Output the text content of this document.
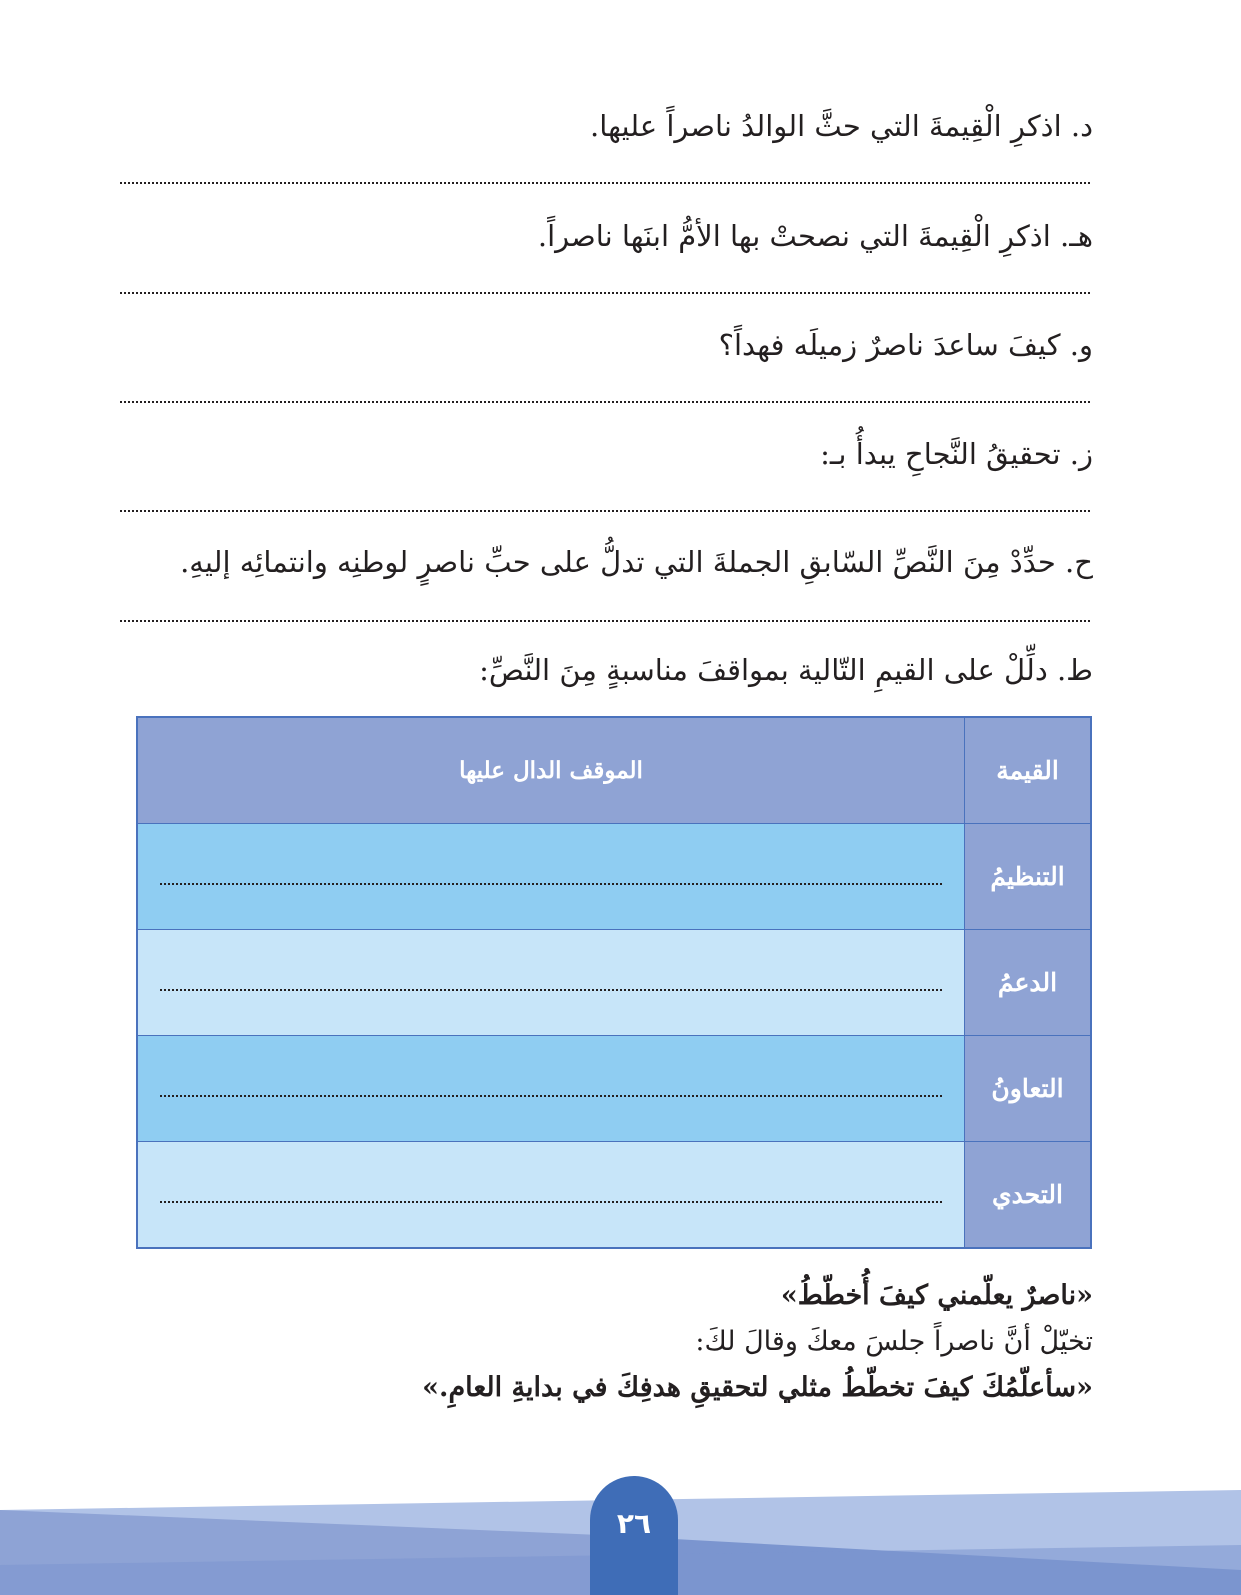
د. اذكرِ الْقِيمةَ التي حثَّ الوالدُ ناصراً عليها.
هـ. اذكرِ الْقِيمةَ التي نصحتْ بها الأمُّ ابنَها ناصراً.
و. كيفَ ساعدَ ناصرٌ زميلَه فهداً؟
ز. تحقيقُ النَّجاحِ يبدأُ بـ:
ح. حدِّدْ مِنَ النَّصِّ السّابقِ الجملةَ التي تدلُّ على حبِّ ناصرٍ لوطنِه وانتمائِه إليهِ.
ط. دلِّلْ على القيمِ التّالية بمواقفَ مناسبةٍ مِنَ النَّصِّ:
القيمة	الموقف الدال عليها
التنظيمُ	

الدعمُ	

التعاونُ	

التحدي	
«ناصرٌ يعلّمني كيفَ أُخطّطُ»
تخيّلْ أنَّ ناصراً جلسَ معكَ وقالَ لكَ:
«سأعلّمُكَ كيفَ تخطّطُ مثلي لتحقيقِ هدفِكَ في بدايةِ العامِ.»
٢٦
